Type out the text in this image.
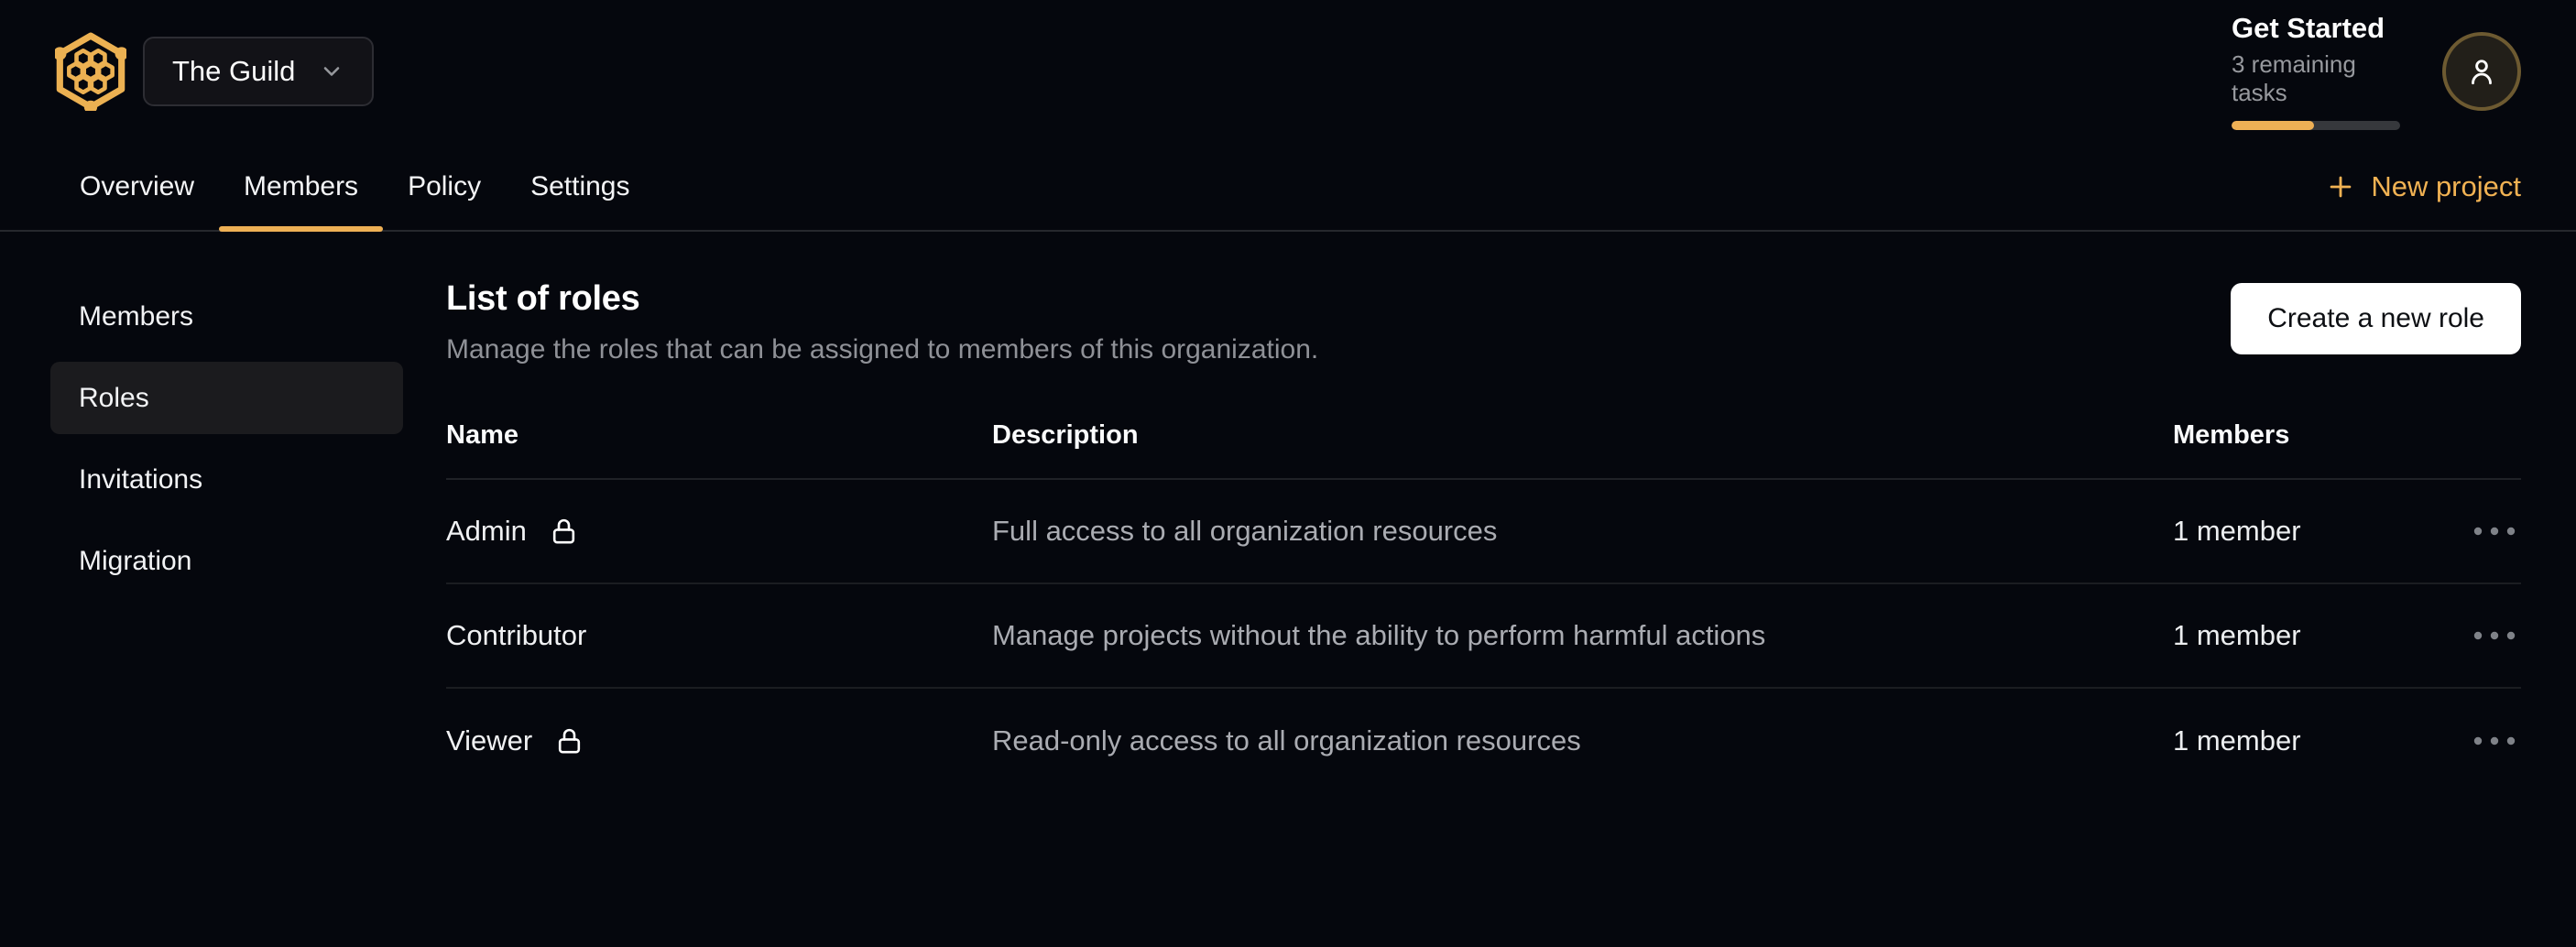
The Guild
Get Started
3 remaining tasks
Overview	Members	Policy	Settings	New project
Members
Roles
Invitations
Migration
List of roles
Manage the roles that can be assigned to members of this organization.
Create a new role
Name	Description	Members
Admin	Full access to all organization resources	1 member
Contributor	Manage projects without the ability to perform harmful actions	1 member
Viewer	Read-only access to all organization resources	1 member
